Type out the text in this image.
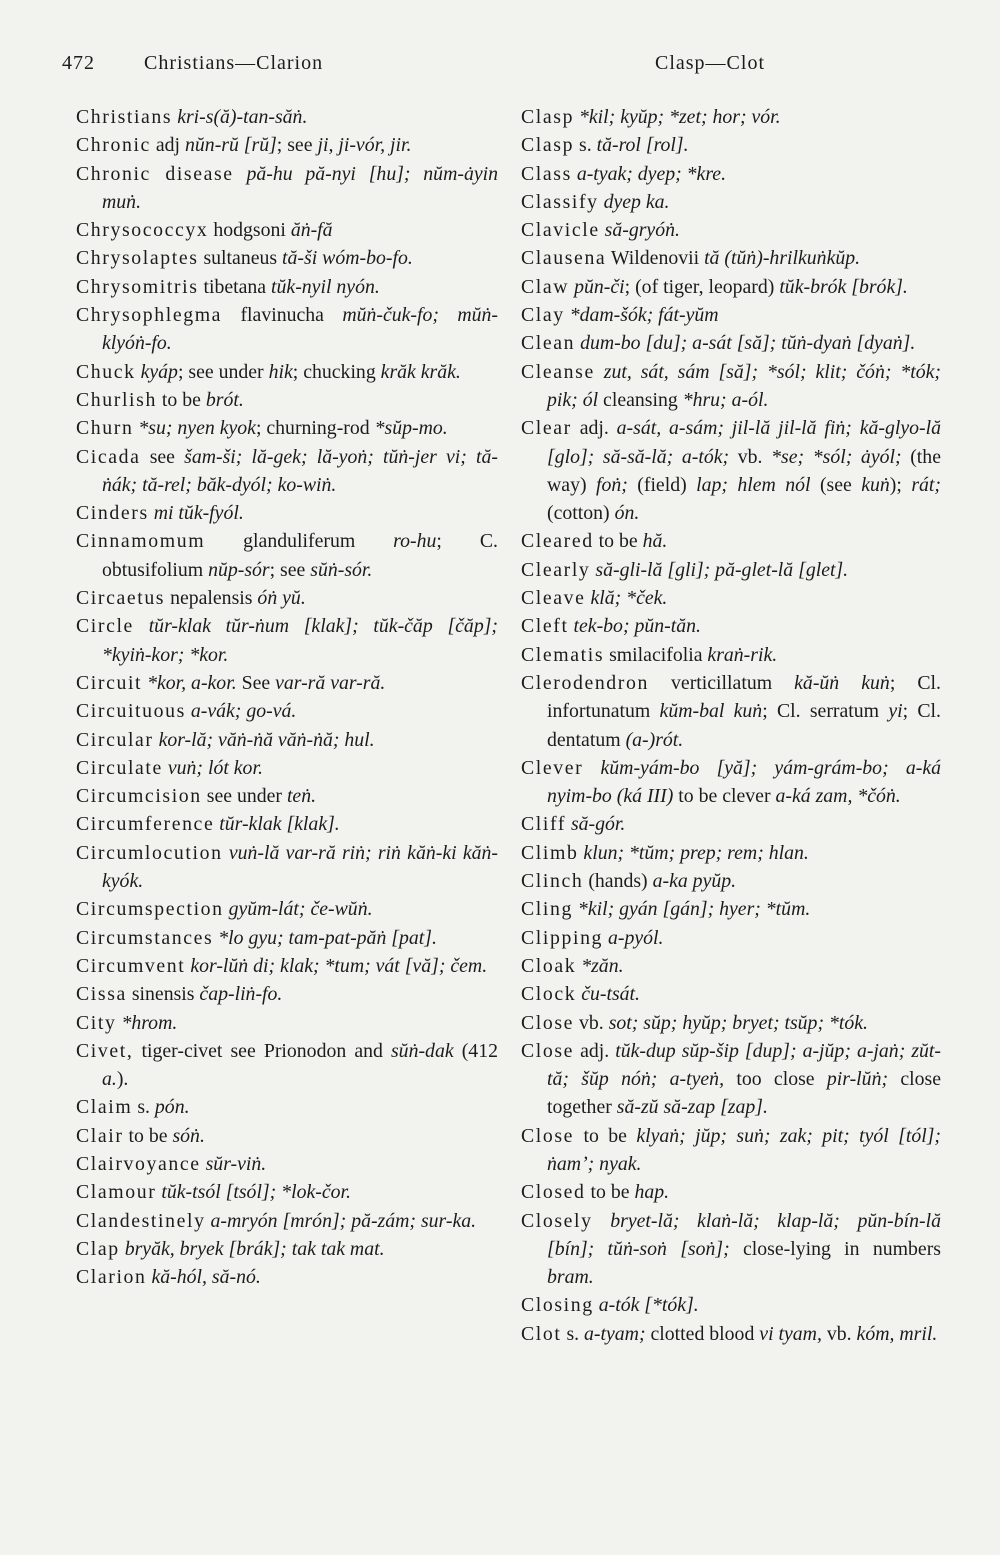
472 Christians—Clarion	Clasp—Clot

Christians kri-s(ă)-tan-săṅ.

Chronic adj nŭn-rŭ [rŭ]; see ji, ji-vór, jir.

Chronic disease pă-hu pă-nyi [hu]; nŭm-ȧyin muṅ.

Chrysococcyx hodgsoni ăṅ-fă

Chrysolaptes sultaneus tă-ši wóm-bo-fo.

Chrysomitris tibetana tŭk-nyil nyón.

Chrysophlegma flavinucha mŭṅ-čuk-fo; mŭṅ-klyóṅ-fo.

Chuck kyáp; see under hik; chucking krăk krăk.

Churlish to be brót.

Churn *su; nyen kyok; churning-rod *sŭp-mo.

Cicada see šam-ši; lă-gek; lă-yoṅ; tŭṅ-jer vi; tă-ṅák; tă-rel; băk-dyól; ko-wiṅ.

Cinders mi tŭk-fyól.

Cinnamomum glanduliferum ro-hu; C. obtusifolium nŭp-sór; see sŭṅ-sór.

Circaetus nepalensis óṅ yŭ.

Circle tŭr-klak tŭr-ṅum [klak]; tŭk-čăp [čăp]; *kyiṅ-kor; *kor.

Circuit *kor, a-kor. See var-ră var-ră.

Circuituous a-vák; go-vá.

Circular kor-lă; văṅ-ṅă văṅ-ṅă; hul.

Circulate vuṅ; lót kor.

Circumcision see under teṅ.

Circumference tŭr-klak [klak].

Circumlocution vuṅ-lă var-ră riṅ; riṅ kăṅ-ki kăṅ-kyók.

Circumspection gyŭm-lát; če-wŭṅ.

Circumstances *lo gyu; tam-pat-păṅ [pat].

Circumvent kor-lŭṅ di; klak; *tum; vát [vă]; čem.

Cissa sinensis čap-liṅ-fo.

City *hrom.

Civet, tiger-civet see Prionodon and sŭṅ-dak (412 a.).

Claim s. pón.

Clair to be sóṅ.

Clairvoyance sŭr-viṅ.

Clamour tŭk-tsól [tsól]; *lok-čor.

Clandestinely a-mryón [mrón]; pă-zám; sur-ka.

Clap bryăk, bryek [brák]; tak tak mat.

Clarion kă-hól, să-nó.

Clasp *kil; kyŭp; *zet; hor; vór.

Clasp s. tă-rol [rol].

Class a-tyak; dyep; *kre.

Classify dyep ka.

Clavicle să-gryóṅ.

Clausena Wildenovii tă (tŭṅ)-hrilkuṅkŭp.

Claw pŭn-či; (of tiger, leopard) tŭk-brók [brók].

Clay *dam-šók; fát-yŭm

Clean dum-bo [du]; a-sát [să]; tŭṅ-dyaṅ [dyaṅ].

Cleanse zut, sát, sám [să]; *sól; klit; čóṅ; *tók; pik; ól cleansing *hru; a-ól.

Clear adj. a-sát, a-sám; jil-lă jil-lă fiṅ; kă-glyo-lă [glo]; să-să-lă; a-tók; vb. *se; *sól; ȧyól; (the way) foṅ; (field) lap; hlem nól (see kuṅ); rát; (cotton) ón.

Cleared to be hă.

Clearly să-gli-lă [gli]; pă-glet-lă [glet].

Cleave klă; *ček.

Cleft tek-bo; pŭn-tăn.

Clematis smilacifolia kraṅ-rik.

Clerodendron verticillatum kă-ŭṅ kuṅ; Cl. infortunatum kŭm-bal kuṅ; Cl. serratum yi; Cl. dentatum (a-)rót.

Clever kŭm-yám-bo [yă]; yám-grám-bo; a-ká nyim-bo (ká III) to be clever a-ká zam, *čóṅ.

Cliff să-gór.

Climb klun; *tŭm; prep; rem; hlan.

Clinch (hands) a-ka pyŭp.

Cling *kil; gyán [gán]; hyer; *tŭm.

Clipping a-pyól.

Cloak *zăn.

Clock ču-tsát.

Close vb. sot; sŭp; hyŭp; bryet; tsŭp; *tók.

Close adj. tŭk-dup sŭp-šip [dup]; a-jŭp; a-jaṅ; zŭt-tă; šŭp nóṅ; a-tyeṅ, too close pir-lŭṅ; close together să-zŭ să-zap [zap].

Close to be klyaṅ; jŭp; suṅ; zak; pit; tyól [tól]; ṅamʼ; nyak.

Closed to be hap.

Closely bryet-lă; klaṅ-lă; klap-lă; pŭn-bín-lă [bín]; tŭṅ-soṅ [soṅ]; close-lying in numbers bram.

Closing a-tók [*tók].

Clot s. a-tyam; clotted blood vi tyam, vb. kóm, mril.
